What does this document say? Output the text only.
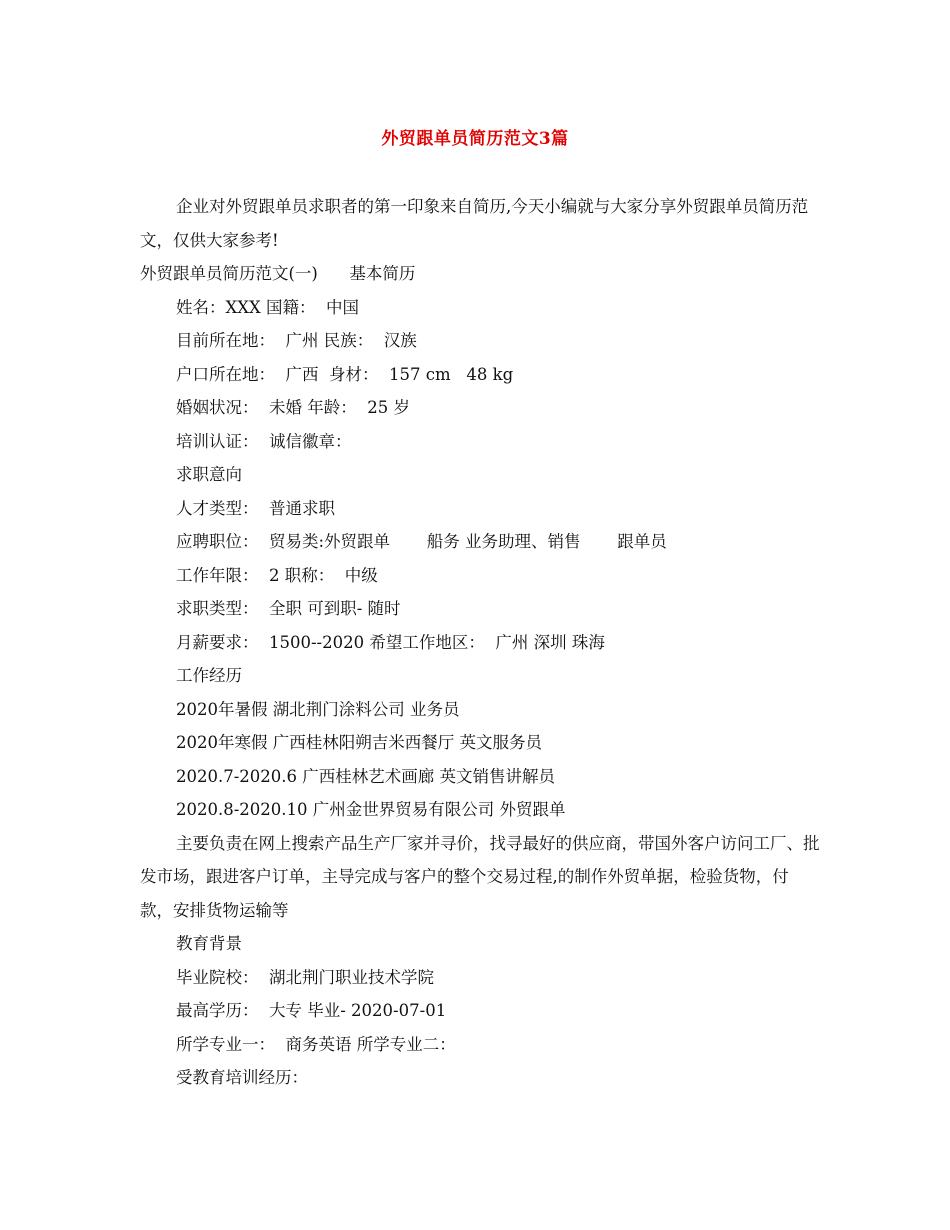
外贸跟单员简历范文3篇

企业对外贸跟单员求职者的第一印象来自简历,今天小编就与大家分享外贸跟单员简历范文，仅供大家参考!

外贸跟单员简历范文(一)      基本简历

姓名：XXX 国籍：  中国

目前所在地：  广州 民族：  汉族

户口所在地：  广西  身材：  157 cm   48 kg

婚姻状况：  未婚 年龄：  25 岁

培训认证：  诚信徽章：

求职意向

人才类型：  普通求职

应聘职位：  贸易类:外贸跟单       船务 业务助理、销售       跟单员

工作年限：  2 职称：  中级

求职类型：  全职 可到职- 随时

月薪要求：  1500--2020 希望工作地区：  广州 深圳 珠海

工作经历

2020年暑假 湖北荆门涂料公司 业务员

2020年寒假 广西桂林阳朔吉米西餐厅 英文服务员

2020.7-2020.6 广西桂林艺术画廊 英文销售讲解员

2020.8-2020.10 广州金世界贸易有限公司 外贸跟单

主要负责在网上搜索产品生产厂家并寻价，找寻最好的供应商，带国外客户访问工厂、批发市场，跟进客户订单，主导完成与客户的整个交易过程,的制作外贸单据，检验货物，付款，安排货物运输等

教育背景

毕业院校：  湖北荆门职业技术学院

最高学历：  大专 毕业- 2020-07-01

所学专业一：  商务英语 所学专业二：

受教育培训经历：
